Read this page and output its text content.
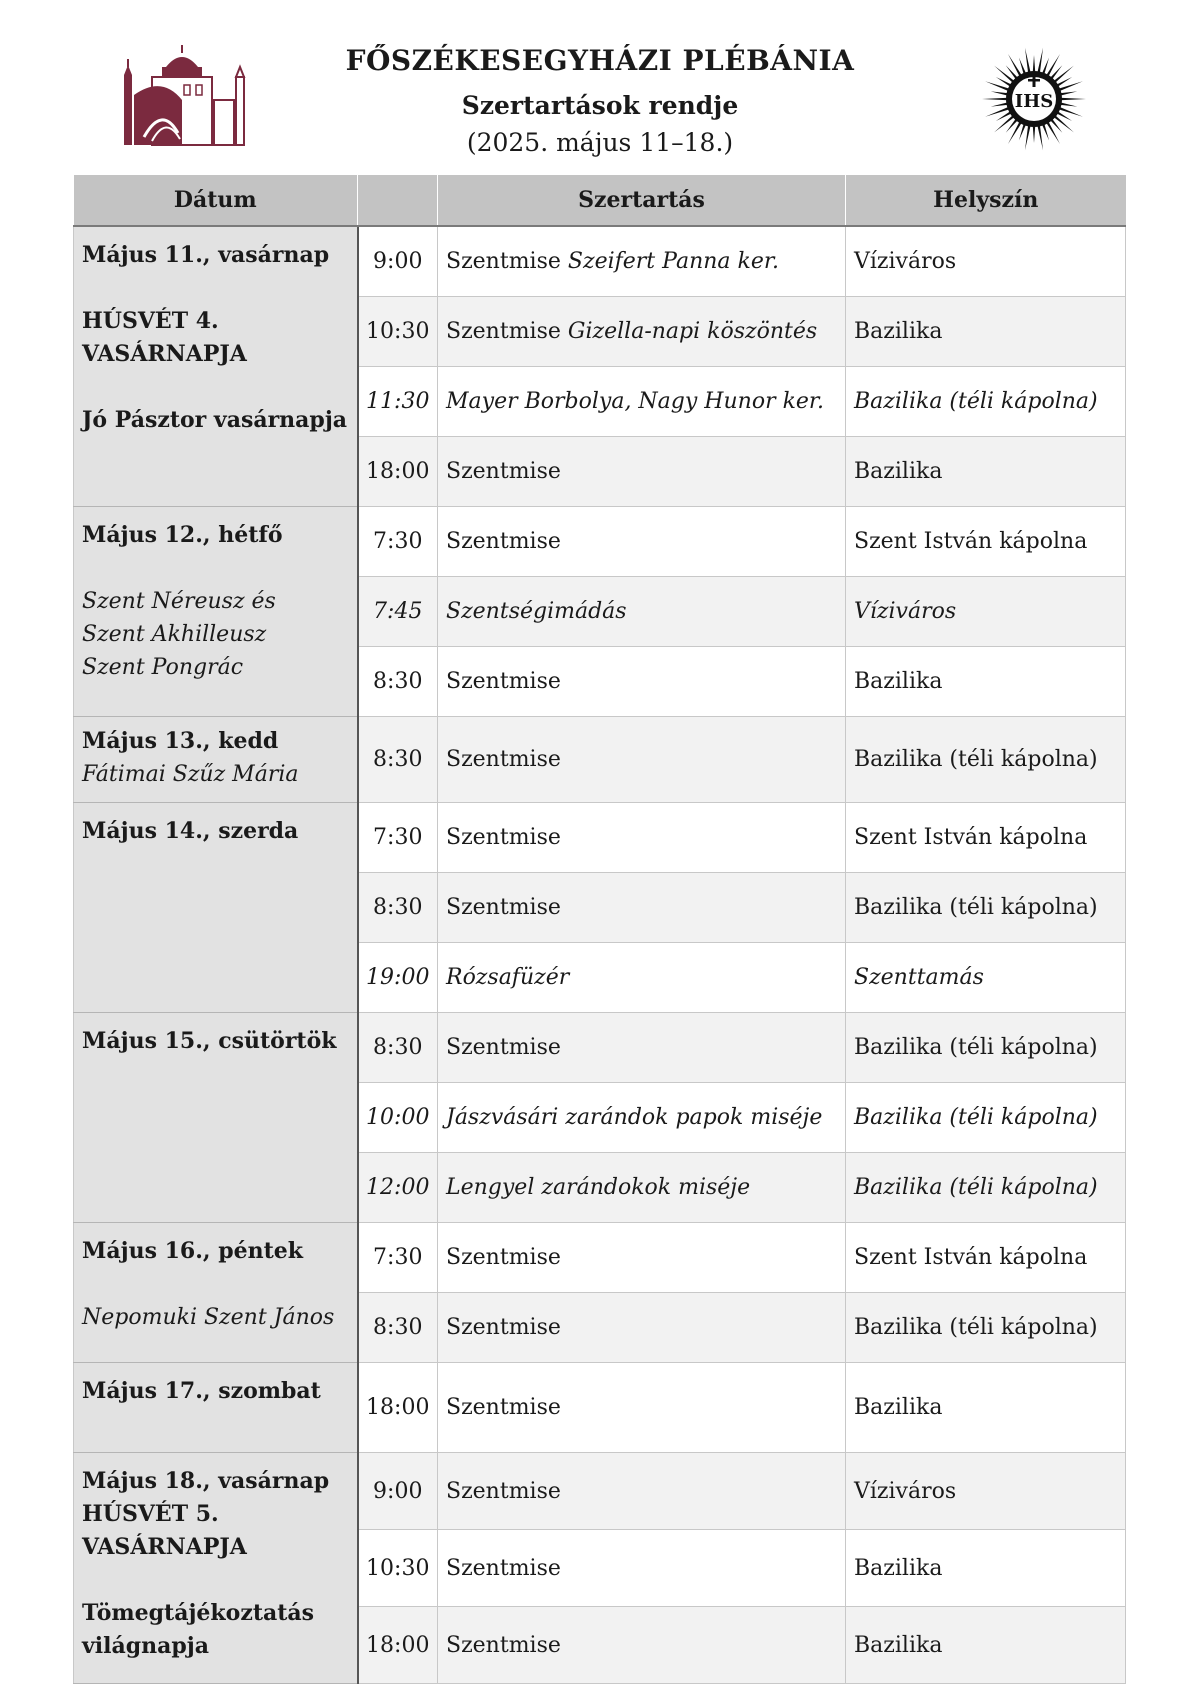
FŐSZÉKESEGYHÁZI PLÉBÁNIA
Szertartások rendje
(2025. május 11–18.)
IHS
Dátum		Szertartás	Helyszín

Május 11., vasárnap
HÚSVÉT 4.
VASÁRNAPJA
Jó Pásztor vasárnapja	9:00	Szentmise Szeifert Panna ker.	Víziváros
	10:30	Szentmise Gizella-napi köszöntés	Bazilika
	11:30	Mayer Borbolya, Nagy Hunor ker.	Bazilika (téli kápolna)
	18:00	Szentmise	Bazilika

Május 12., hétfő
Szent Néreusz és
Szent Akhilleusz
Szent Pongrác	7:30	Szentmise	Szent István kápolna
	7:45	Szentségimádás	Víziváros
	8:30	Szentmise	Bazilika

Május 13., kedd
Fátimai Szűz Mária	8:30	Szentmise	Bazilika (téli kápolna)

Május 14., szerda	7:30	Szentmise	Szent István kápolna
	8:30	Szentmise	Bazilika (téli kápolna)
	19:00	Rózsafüzér	Szenttamás

Május 15., csütörtök	8:30	Szentmise	Bazilika (téli kápolna)
	10:00	Jászvásári zarándok papok miséje	Bazilika (téli kápolna)
	12:00	Lengyel zarándokok miséje	Bazilika (téli kápolna)

Május 16., péntek
Nepomuki Szent János	7:30	Szentmise	Szent István kápolna
	8:30	Szentmise	Bazilika (téli kápolna)

Május 17., szombat	18:00	Szentmise	Bazilika

Május 18., vasárnap
HÚSVÉT 5.
VASÁRNAPJA
Tömegtájékoztatás
világnapja	9:00	Szentmise	Víziváros
	10:30	Szentmise	Bazilika
	18:00	Szentmise	Bazilika
